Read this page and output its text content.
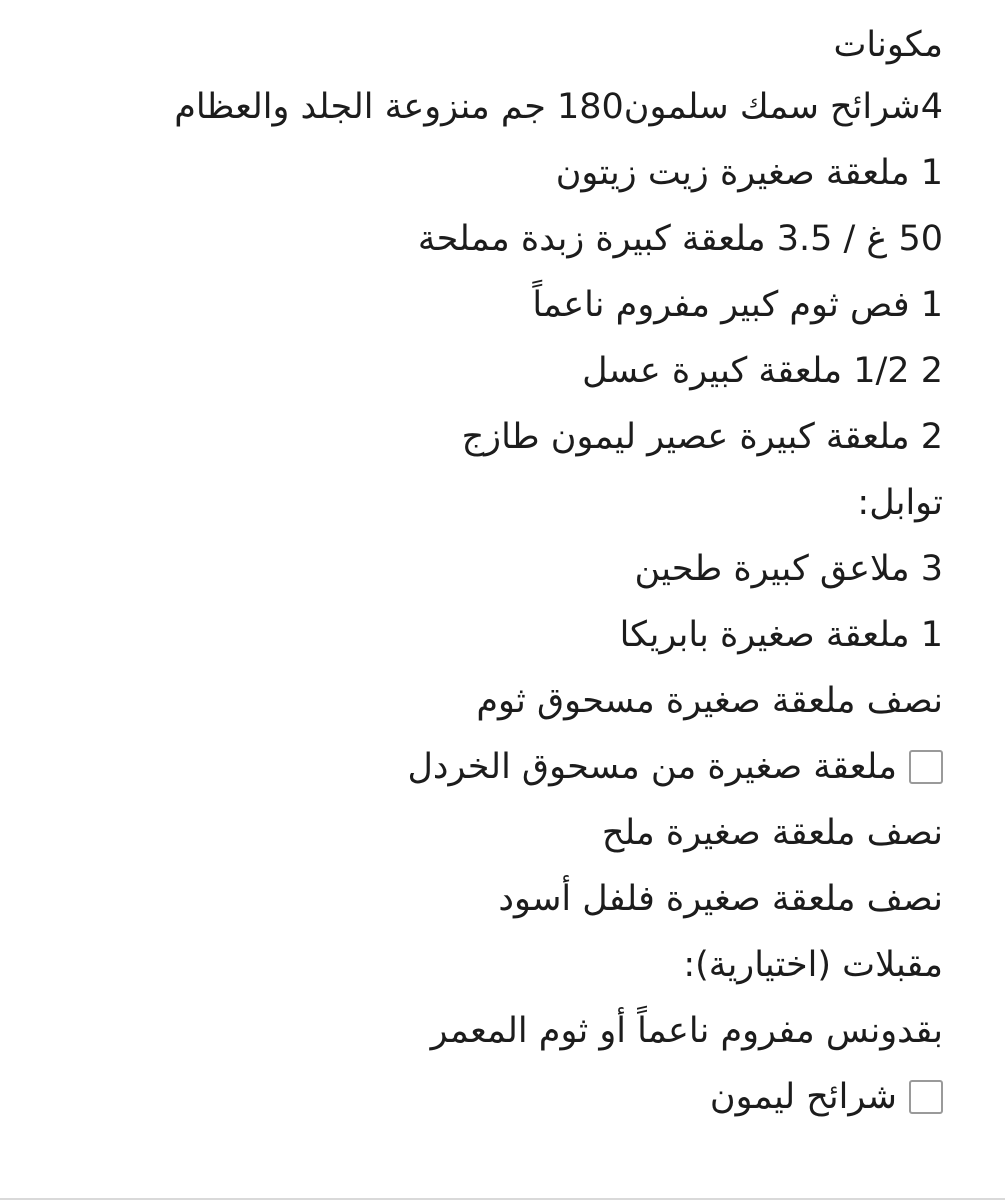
مكونات
4شرائح سمك سلمون180 جم منزوعة الجلد والعظام
1 ملعقة صغيرة زيت زيتون
50 غ / 3.5 ملعقة كبيرة زبدة مملحة
1 فص ثوم كبير مفروم ناعماً
2 1/2 ملعقة كبيرة عسل
2 ملعقة كبيرة عصير ليمون طازج
توابل:
3 ملاعق كبيرة طحين
1 ملعقة صغيرة بابريكا
نصف ملعقة صغيرة مسحوق ثوم
ملعقة صغيرة من مسحوق الخردل
نصف ملعقة صغيرة ملح
نصف ملعقة صغيرة فلفل أسود
مقبلات (اختيارية):
بقدونس مفروم ناعماً أو ثوم المعمر
شرائح ليمون
